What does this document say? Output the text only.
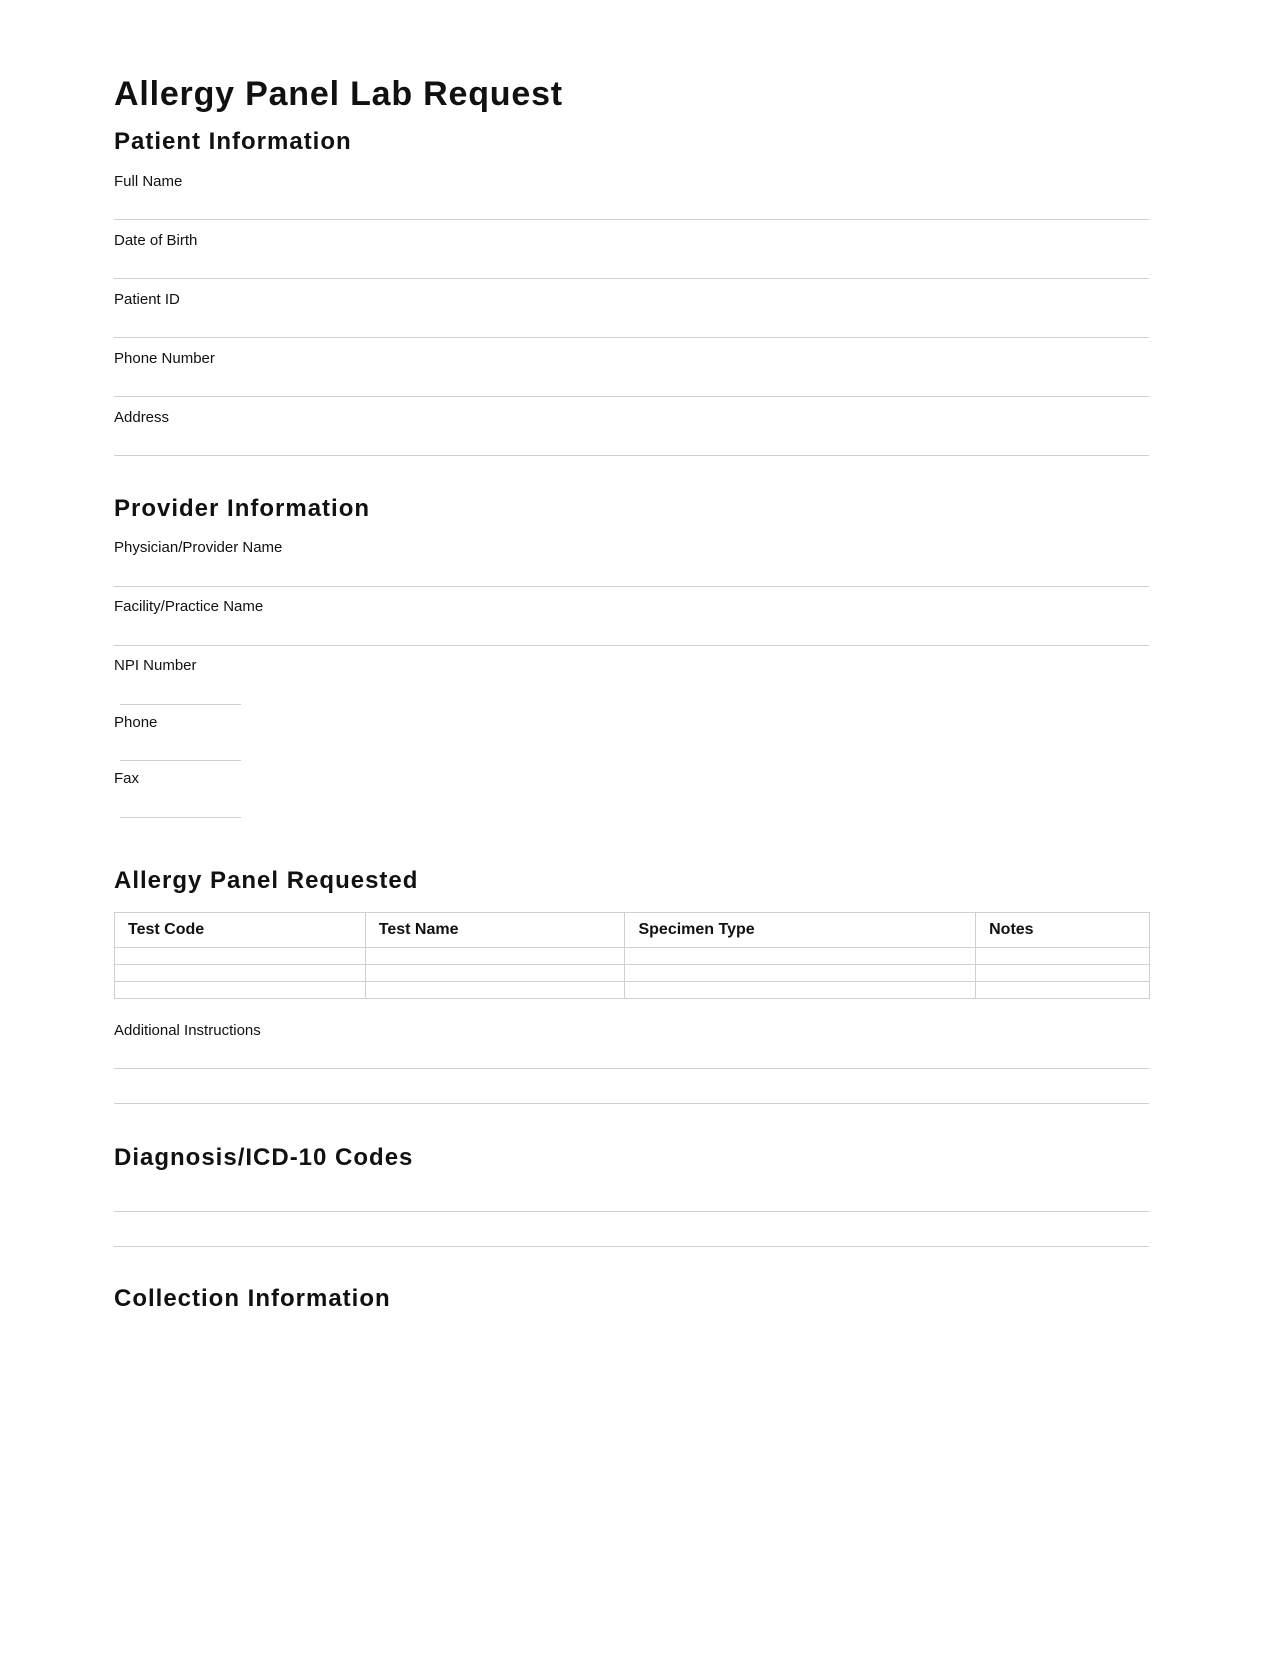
Allergy Panel Lab Request
Patient Information
Full Name
Date of Birth
Patient ID
Phone Number
Address
Provider Information
Physician/Provider Name
Facility/Practice Name
NPI Number
Phone
Fax
Allergy Panel Requested
Test Code	Test Name	Specimen Type	Notes

Additional Instructions
Diagnosis/ICD-10 Codes
Collection Information
